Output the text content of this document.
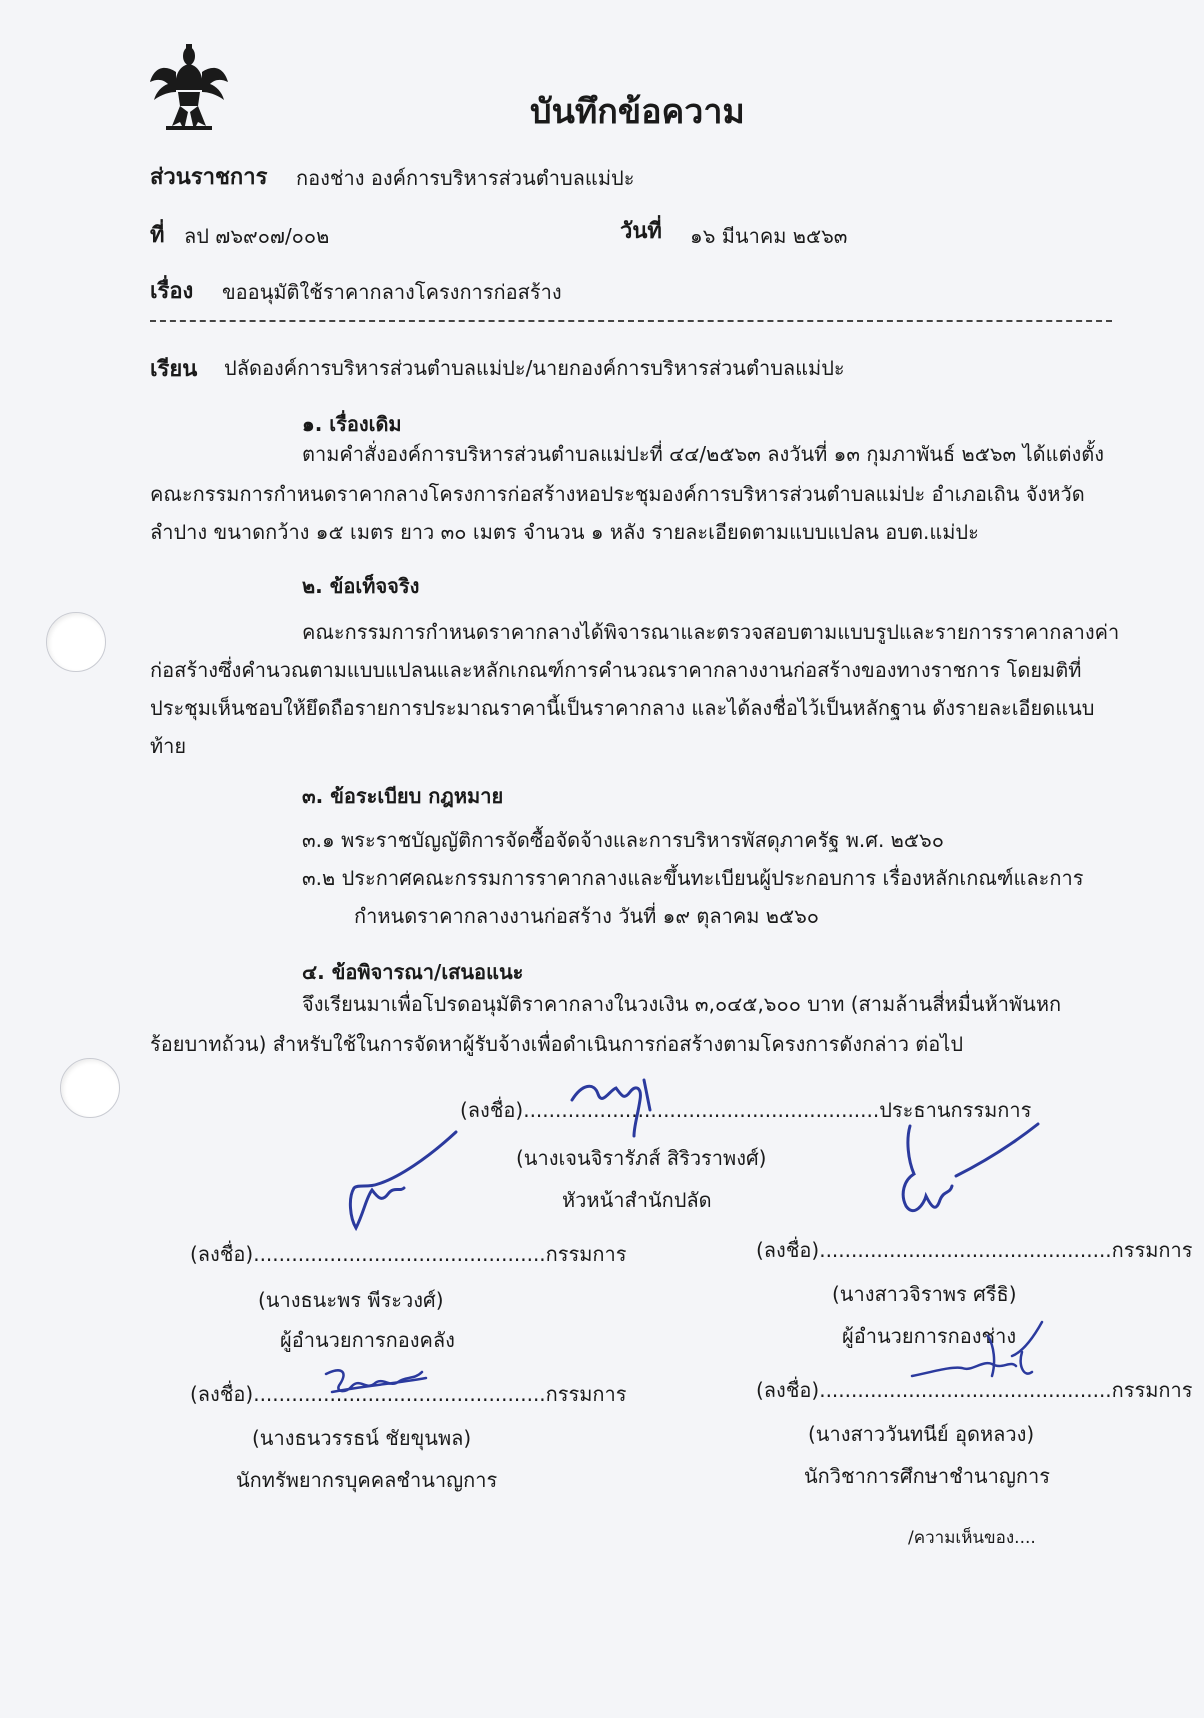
บันทึกข้อความ
ส่วนราชการ กองช่าง องค์การบริหารส่วนตำบลแม่ปะ
ที่ ลป ๗๖๙๐๗/๐๐๒	วันที่ ๑๖ มีนาคม ๒๕๖๓
เรื่อง ขออนุมัติใช้ราคากลางโครงการก่อสร้าง
เรียน ปลัดองค์การบริหารส่วนตำบลแม่ปะ/นายกองค์การบริหารส่วนตำบลแม่ปะ
๑. เรื่องเดิม
ตามคำสั่งองค์การบริหารส่วนตำบลแม่ปะที่ ๔๔/๒๕๖๓ ลงวันที่ ๑๓ กุมภาพันธ์ ๒๕๖๓ ได้แต่งตั้ง
คณะกรรมการกำหนดราคากลางโครงการก่อสร้างหอประชุมองค์การบริหารส่วนตำบลแม่ปะ อำเภอเถิน จังหวัด
ลำปาง ขนาดกว้าง ๑๕ เมตร ยาว ๓๐ เมตร จำนวน ๑ หลัง รายละเอียดตามแบบแปลน อบต.แม่ปะ
๒. ข้อเท็จจริง
คณะกรรมการกำหนดราคากลางได้พิจารณาและตรวจสอบตามแบบรูปและรายการราคากลางค่า
ก่อสร้างซึ่งคำนวณตามแบบแปลนและหลักเกณฑ์การคำนวณราคากลางงานก่อสร้างของทางราชการ โดยมติที่
ประชุมเห็นชอบให้ยึดถือรายการประมาณราคานี้เป็นราคากลาง และได้ลงชื่อไว้เป็นหลักฐาน ดังรายละเอียดแนบ
ท้าย
๓. ข้อระเบียบ กฎหมาย
๓.๑ พระราชบัญญัติการจัดซื้อจัดจ้างและการบริหารพัสดุภาครัฐ พ.ศ. ๒๕๖๐
๓.๒ ประกาศคณะกรรมการราคากลางและขึ้นทะเบียนผู้ประกอบการ เรื่องหลักเกณฑ์และการ
กำหนดราคากลางงานก่อสร้าง วันที่ ๑๙ ตุลาคม ๒๕๖๐
๔. ข้อพิจารณา/เสนอแนะ
จึงเรียนมาเพื่อโปรดอนุมัติราคากลางในวงเงิน ๓,๐๔๕,๖๐๐ บาท (สามล้านสี่หมื่นห้าพันหก
ร้อยบาทถ้วน) สำหรับใช้ในการจัดหาผู้รับจ้างเพื่อดำเนินการก่อสร้างตามโครงการดังกล่าว ต่อไป
(ลงชื่อ)........................................................ประธานกรรมการ
(นางเจนจิรารัภส์ สิริวราพงศ์)
หัวหน้าสำนักปลัด
(ลงชื่อ)..............................................กรรมการ
(นางธนะพร พีระวงศ์)
ผู้อำนวยการกองคลัง
(ลงชื่อ)..............................................กรรมการ
(นางสาวจิราพร ศรีธิ)
ผู้อำนวยการกองช่าง
(ลงชื่อ)..............................................กรรมการ
(นางธนวรรธน์ ชัยขุนพล)
นักทรัพยากรบุคคลชำนาญการ
(ลงชื่อ)..............................................กรรมการ
(นางสาววันทนีย์ อุดหลวง)
นักวิชาการศึกษาชำนาญการ
/ความเห็นของ....
